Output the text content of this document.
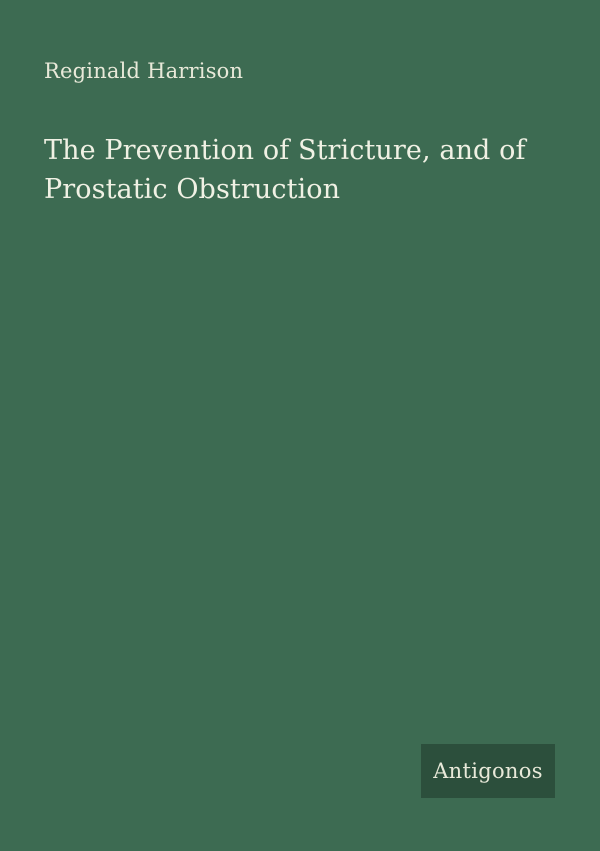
Reginald Harrison
The Prevention of Stricture, and of Prostatic Obstruction
Antigonos
